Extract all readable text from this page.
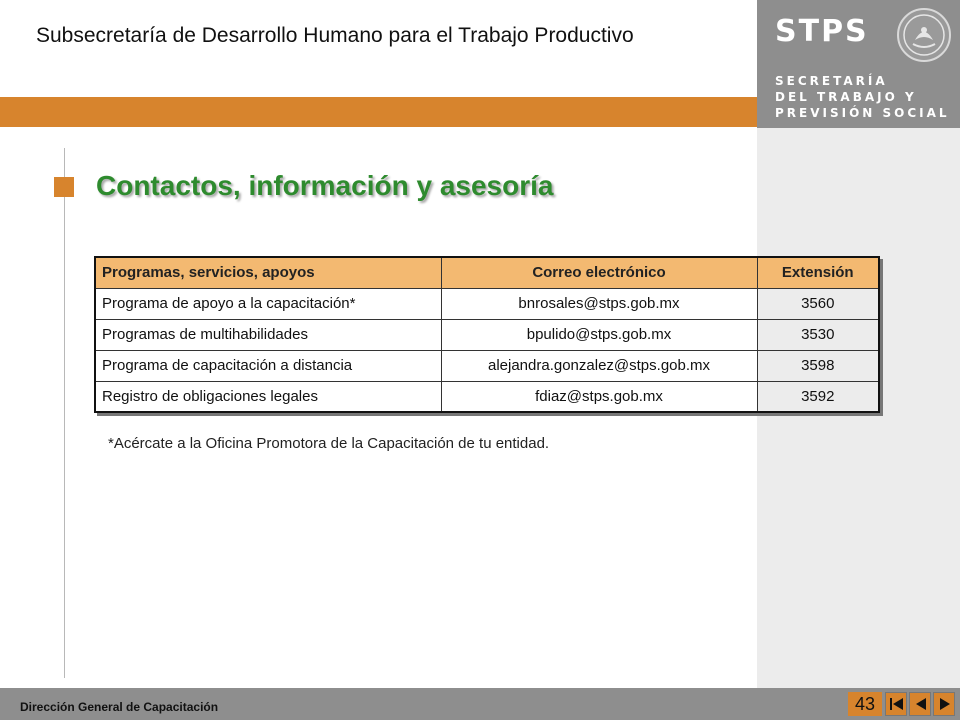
Subsecretaría de Desarrollo Humano para el Trabajo Productivo	STPS
SECRETARÍA
DEL TRABAJO Y
PREVISIÓN SOCIAL
Contactos, información y asesoría
Programas, servicios, apoyos	Correo electrónico	Extensión
Programa de apoyo a la capacitación*	bnrosales@stps.gob.mx	3560
Programas de multihabilidades	bpulido@stps.gob.mx	3530
Programa de capacitación a distancia	alejandra.gonzalez@stps.gob.mx	3598
Registro de obligaciones legales	fdiaz@stps.gob.mx	3592
*Acércate a la Oficina Promotora de la Capacitación de tu entidad.
Dirección General de Capacitación	43
